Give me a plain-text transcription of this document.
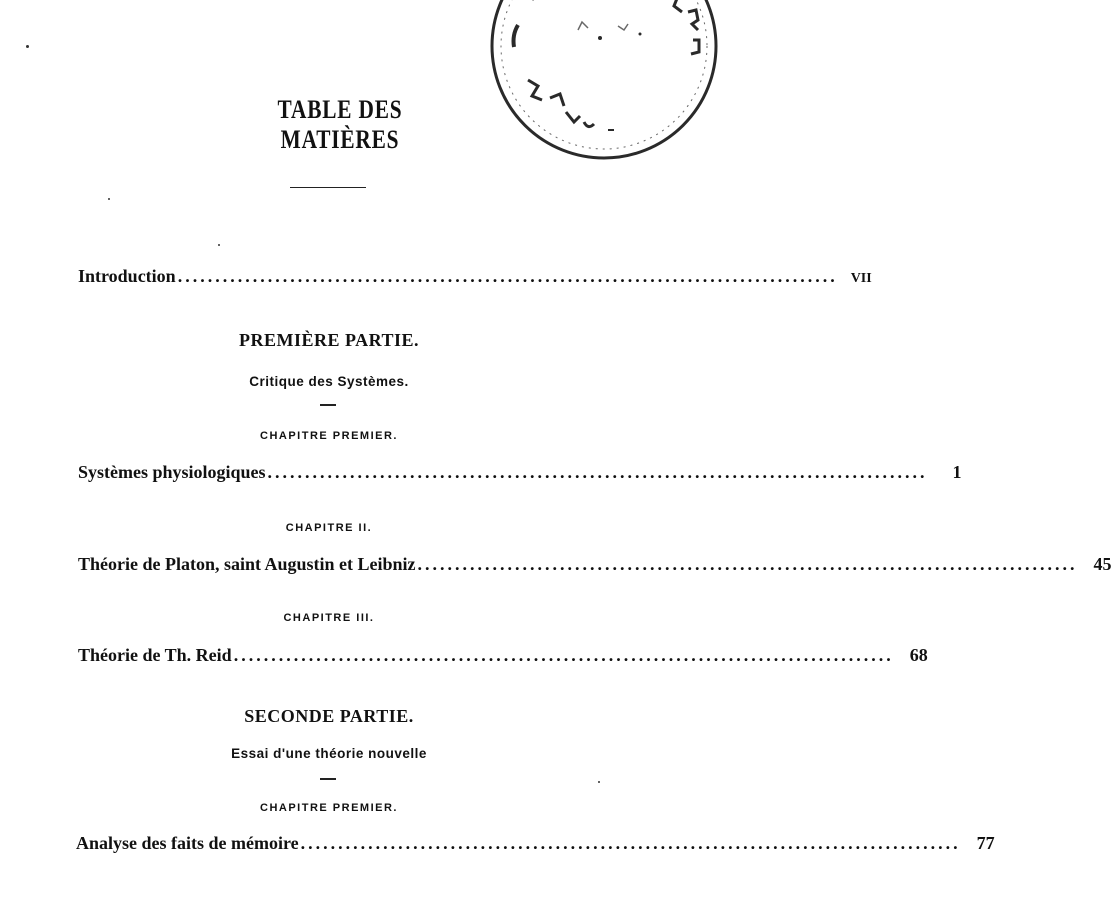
TABLE DES MATIÈRES
Introduction ........................................................................................ VII
PREMIÈRE PARTIE.
Critique des Systèmes.
CHAPITRE PREMIER.
Systèmes physiologiques ........................................................................................	1
CHAPITRE II.
Théorie de Platon, saint Augustin et Leibniz ........................................................................................ 45
CHAPITRE III.
Théorie de Th. Reid ........................................................................................ 68
SECONDE PARTIE.
Essai d'une théorie nouvelle
CHAPITRE PREMIER.
Analyse des faits de mémoire ........................................................................................ 77
